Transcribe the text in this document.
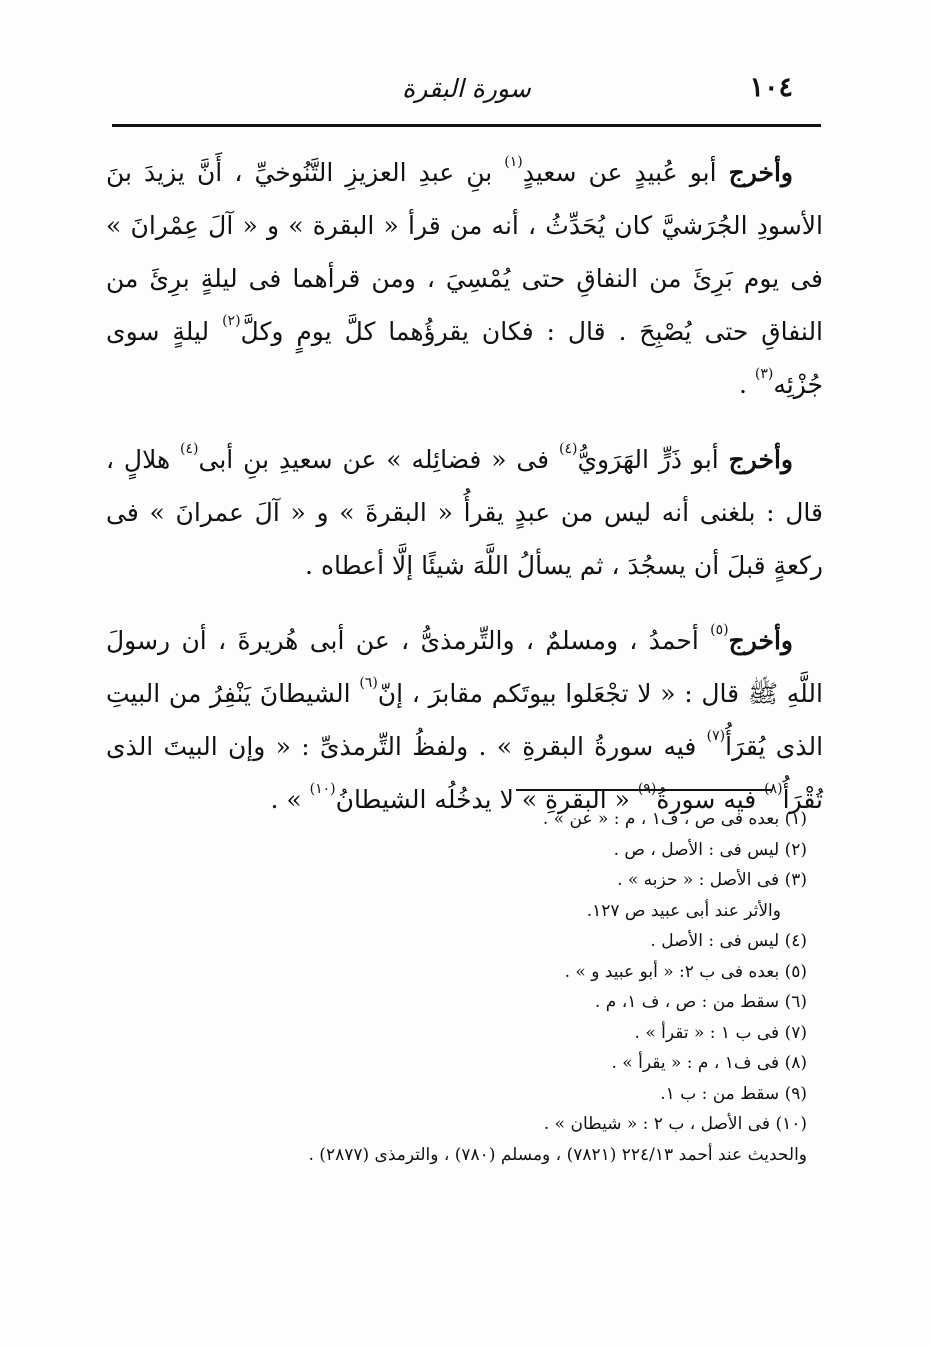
١٠٤
سورة البقرة

وأخرج أبو عُبيدٍ عن سعيدٍ$^{(١)}$ بنِ عبدِ العزيزِ التَّنُوخيِّ ، أَنَّ يزيدَ بنَ الأسودِ الجُرَشيَّ كان يُحَدِّثُ ، أنه من قرأ « البقرة » و « آلَ عِمْرانَ » فى يوم بَرِئَ من النفاقِ حتى يُمْسِيَ ، ومن قرأهما فى ليلةٍ برِئَ من النفاقِ حتى يُصْبِحَ . قال : فكان يقرؤُهما كلَّ يومٍ وكلَّ$^{(٢)}$ ليلةٍ سوى جُزْئِه$^{(٣)}$ .

وأخرج أبو ذَرٍّ الهَرَويُّ$^{(٤)}$ فى « فضائِله » عن سعيدِ بنِ أبى$^{(٤)}$ هلالٍ ، قال : بلغنى أنه ليس من عبدٍ يقرأُ « البقرةَ » و « آلَ عمرانَ » فى ركعةٍ قبلَ أن يسجُدَ ، ثم يسألُ اللَّهَ شيئًا إلَّا أعطاه .

وأخرج$^{(٥)}$ أحمدُ ، ومسلمٌ ، والتِّرمذىُّ ، عن أبى هُريرةَ ، أن رسولَ اللَّهِ ﷺ قال : « لا تجْعَلوا بيوتَكم مقابرَ ، إنّ$^{(٦)}$ الشيطانَ يَنْفِرُ من البيتِ الذى يُقرَأُ$^{(٧)}$ فيه سورةُ البقرةِ » . ولفظُ التِّرمذىِّ : « وإن البيتَ الذى تُقْرَأُ$^{(٨)}$ فيه سورةُ$^{(٩)}$ « البقرةِ » لا يدخُلُه الشيطانُ$^{(١٠)}$ » .

(١) بعده فى ص ، ف١ ، م : « عن » .
(٢) ليس فى : الأصل ، ص .
(٣) فى الأصل : « حزبه » .
والأثر عند أبى عبيد ص ١٢٧.
(٤) ليس فى : الأصل .
(٥) بعده فى ب ٢: « أبو عبيد و » .
(٦) سقط من : ص ، ف ١، م .
(٧) فى ب ١ : « تقرأ » .
(٨) فى ف١ ، م : « يقرأ » .
(٩) سقط من : ب ١.
(١٠) فى الأصل ، ب ٢ : « شيطان » .
والحديث عند أحمد ٢٢٤/١٣ (٧٨٢١) ، ومسلم (٧٨٠) ، والترمذى (٢٨٧٧) .
